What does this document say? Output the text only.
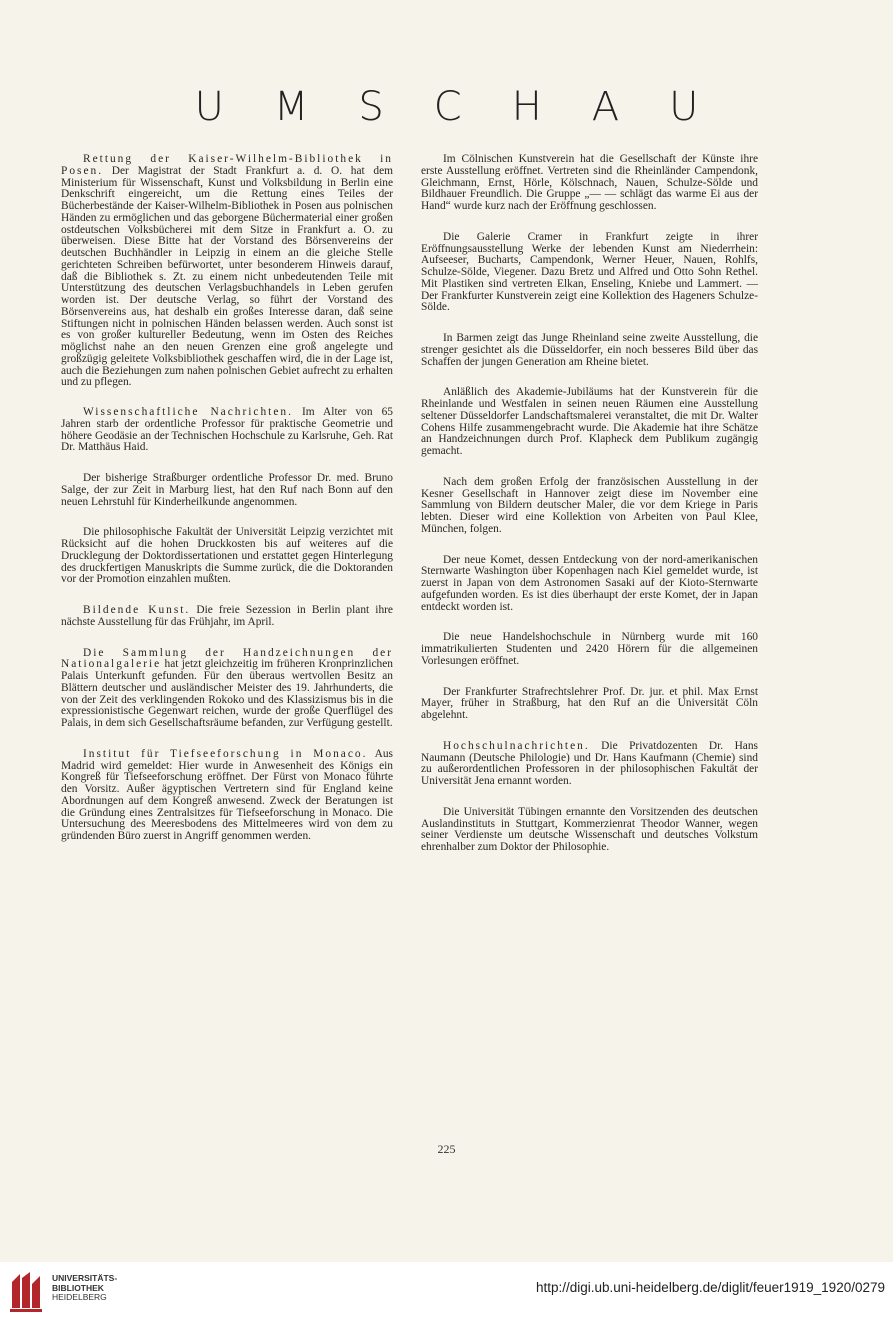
UMSCHAU

Rettung der Kaiser-Wilhelm-Bibliothek in Posen. Der Magistrat der Stadt Frankfurt a. d. O. hat dem Ministerium für Wissenschaft, Kunst und Volksbildung in Berlin eine Denkschrift eingereicht, um die Rettung eines Teiles der Bücherbestände der Kaiser-Wilhelm-Bibliothek in Posen aus polnischen Händen zu ermöglichen und das geborgene Büchermaterial einer großen ostdeutschen Volksbücherei mit dem Sitze in Frankfurt a. O. zu überweisen. Diese Bitte hat der Vorstand des Börsenvereins der deutschen Buchhändler in Leipzig in einem an die gleiche Stelle gerichteten Schreiben befürwortet, unter besonderem Hinweis darauf, daß die Bibliothek s. Zt. zu einem nicht unbedeutenden Teile mit Unterstützung des deutschen Verlagsbuchhandels in Leben gerufen worden ist. Der deutsche Verlag, so führt der Vorstand des Börsenvereins aus, hat deshalb ein großes Interesse daran, daß seine Stiftungen nicht in polnischen Händen belassen werden. Auch sonst ist es von großer kultureller Bedeutung, wenn im Osten des Reiches möglichst nahe an den neuen Grenzen eine groß angelegte und großzügig geleitete Volksbibliothek geschaffen wird, die in der Lage ist, auch die Beziehungen zum nahen polnischen Gebiet aufrecht zu erhalten und zu pflegen.

Wissenschaftliche Nachrichten. Im Alter von 65 Jahren starb der ordentliche Professor für praktische Geometrie und höhere Geodäsie an der Technischen Hochschule zu Karlsruhe, Geh. Rat Dr. Matthäus Haid.

Der bisherige Straßburger ordentliche Professor Dr. med. Bruno Salge, der zur Zeit in Marburg liest, hat den Ruf nach Bonn auf den neuen Lehrstuhl für Kinderheilkunde angenommen.

Die philosophische Fakultät der Universität Leipzig verzichtet mit Rücksicht auf die hohen Druckkosten bis auf weiteres auf die Drucklegung der Doktordissertationen und erstattet gegen Hinterlegung des druckfertigen Manuskripts die Summe zurück, die die Doktoranden vor der Promotion einzahlen mußten.

Bildende Kunst. Die freie Sezession in Berlin plant ihre nächste Ausstellung für das Frühjahr, im April.

Die Sammlung der Handzeichnungen der Nationalgalerie hat jetzt gleichzeitig im früheren Kronprinzlichen Palais Unterkunft gefunden. Für den überaus wertvollen Besitz an Blättern deutscher und ausländischer Meister des 19. Jahrhunderts, die von der Zeit des verklingenden Rokoko und des Klassizismus bis in die expressionistische Gegenwart reichen, wurde der große Querflügel des Palais, in dem sich Gesellschaftsräume befanden, zur Verfügung gestellt.

Institut für Tiefseeforschung in Monaco. Aus Madrid wird gemeldet: Hier wurde in Anwesenheit des Königs ein Kongreß für Tiefseeforschung eröffnet. Der Fürst von Monaco führte den Vorsitz. Außer ägyptischen Vertretern sind für England keine Abordnungen auf dem Kongreß anwesend. Zweck der Beratungen ist die Gründung eines Zentralsitzes für Tiefseeforschung in Monaco. Die Untersuchung des Meeresbodens des Mittelmeeres wird von dem zu gründenden Büro zuerst in Angriff genommen werden.

Im Cölnischen Kunstverein hat die Gesellschaft der Künste ihre erste Ausstellung eröffnet. Vertreten sind die Rheinländer Campendonk, Gleichmann, Ernst, Hörle, Kölschnach, Nauen, Schulze-Sölde und Bildhauer Freundlich. Die Gruppe „— — schlägt das warme Ei aus der Hand“ wurde kurz nach der Eröffnung geschlossen.

Die Galerie Cramer in Frankfurt zeigte in ihrer Eröffnungsausstellung Werke der lebenden Kunst am Niederrhein: Aufseeser, Bucharts, Campendonk, Werner Heuer, Nauen, Rohlfs, Schulze-Sölde, Viegener. Dazu Bretz und Alfred und Otto Sohn Rethel. Mit Plastiken sind vertreten Elkan, Enseling, Kniebe und Lammert. — Der Frankfurter Kunstverein zeigt eine Kollektion des Hageners Schulze-Sölde.

In Barmen zeigt das Junge Rheinland seine zweite Ausstellung, die strenger gesichtet als die Düsseldorfer, ein noch besseres Bild über das Schaffen der jungen Generation am Rheine bietet.

Anläßlich des Akademie-Jubiläums hat der Kunstverein für die Rheinlande und Westfalen in seinen neuen Räumen eine Ausstellung seltener Düsseldorfer Landschaftsmalerei veranstaltet, die mit Dr. Walter Cohens Hilfe zusammengebracht wurde. Die Akademie hat ihre Schätze an Handzeichnungen durch Prof. Klapheck dem Publikum zugängig gemacht.

Nach dem großen Erfolg der französischen Ausstellung in der Kesner Gesellschaft in Hannover zeigt diese im November eine Sammlung von Bildern deutscher Maler, die vor dem Kriege in Paris lebten. Dieser wird eine Kollektion von Arbeiten von Paul Klee, München, folgen.

Der neue Komet, dessen Entdeckung von der nord-amerikanischen Sternwarte Washington über Kopenhagen nach Kiel gemeldet wurde, ist zuerst in Japan von dem Astronomen Sasaki auf der Kioto-Sternwarte aufgefunden worden. Es ist dies überhaupt der erste Komet, der in Japan entdeckt worden ist.

Die neue Handelshochschule in Nürnberg wurde mit 160 immatrikulierten Studenten und 2420 Hörern für die allgemeinen Vorlesungen eröffnet.

Der Frankfurter Strafrechtslehrer Prof. Dr. jur. et phil. Max Ernst Mayer, früher in Straßburg, hat den Ruf an die Universität Cöln abgelehnt.

Hochschulnachrichten. Die Privatdozenten Dr. Hans Naumann (Deutsche Philologie) und Dr. Hans Kaufmann (Chemie) sind zu außerordentlichen Professoren in der philosophischen Fakultät der Universität Jena ernannt worden.

Die Universität Tübingen ernannte den Vorsitzenden des deutschen Auslandinstituts in Stuttgart, Kommerzienrat Theodor Wanner, wegen seiner Verdienste um deutsche Wissenschaft und deutsches Volkstum ehrenhalber zum Doktor der Philosophie.

225
UNIVERSITÄTS-
BIBLIOTHEK
HEIDELBERG
http://digi.ub.uni-heidelberg.de/diglit/feuer1919_1920/0279
